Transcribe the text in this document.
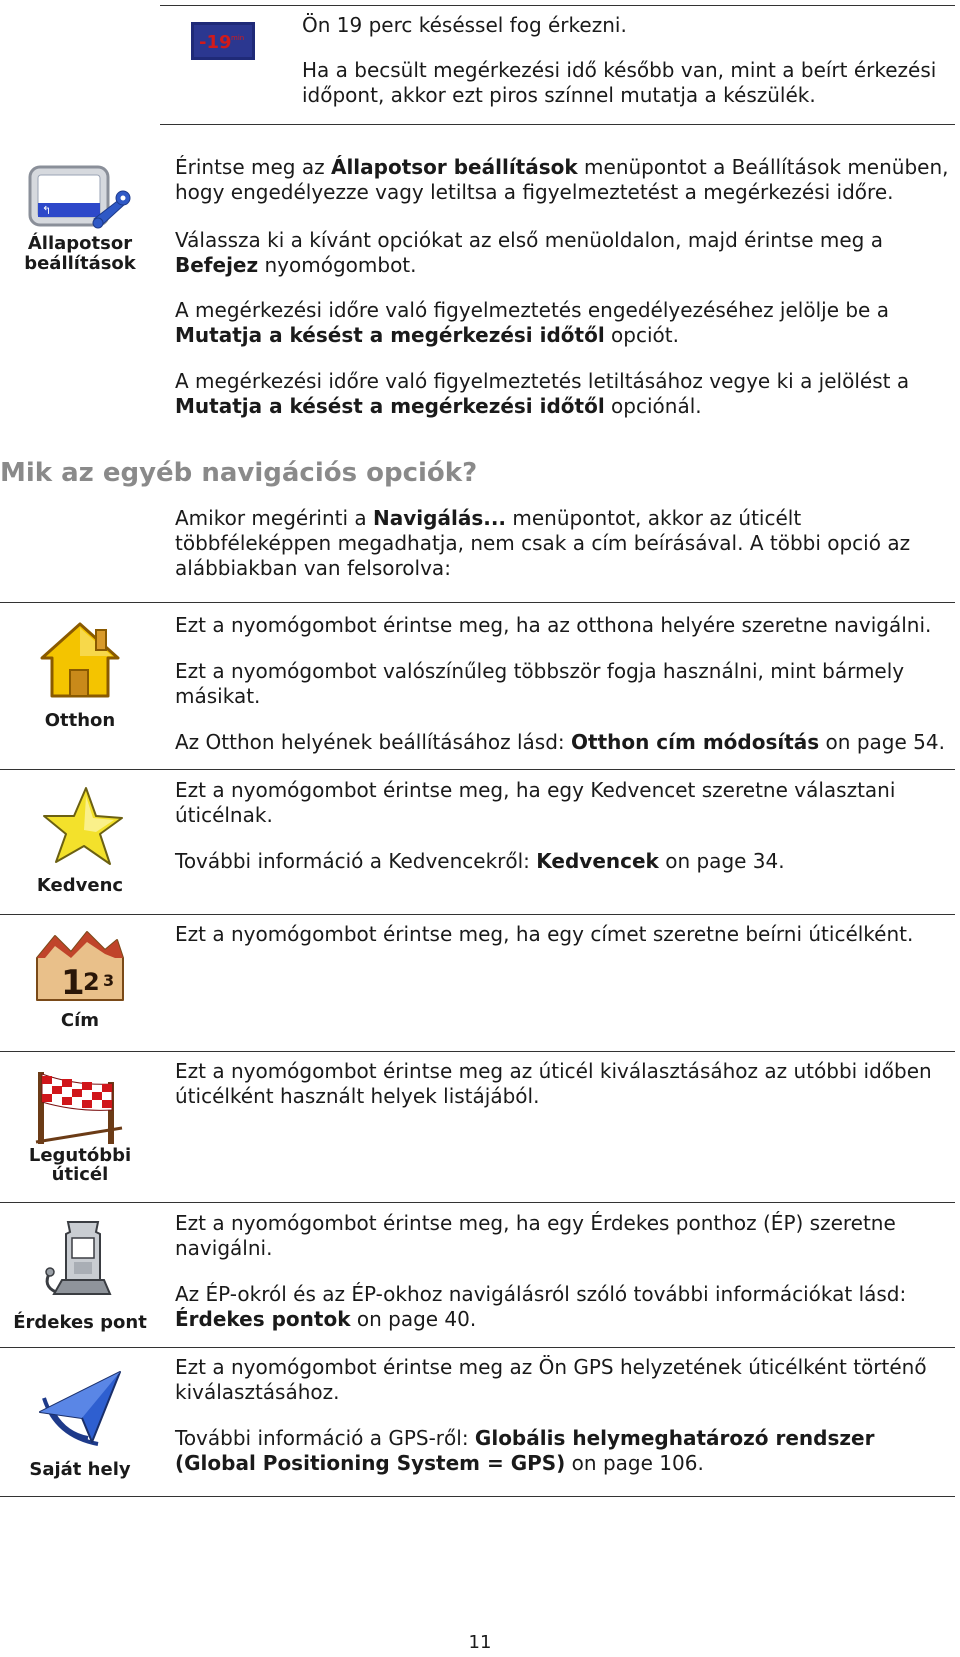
-19 min
Ön 19 perc késéssel fog érkezni.
Ha a becsült megérkezési idő később van, mint a beírt érkezési időpont, akkor ezt piros színnel mutatja a készülék.
↰
Állapotsor beállítások
Érintse meg az Állapotsor beállítások menüpontot a Beállítások menüben, hogy engedélyezze vagy letiltsa a figyelmeztetést a megérkezési időre.
Válassza ki a kívánt opciókat az első menüoldalon, majd érintse meg a Befejez nyomógombot.
A megérkezési időre való figyelmeztetés engedélyezéséhez jelölje be a Mutatja a késést a megérkezési időtől opciót.
A megérkezési időre való figyelmeztetés letiltásához vegye ki a jelölést a Mutatja a késést a megérkezési időtől opciónál.
Mik az egyéb navigációs opciók?
Amikor megérinti a Navigálás... menüpontot, akkor az úticélt többféleképpen megadhatja, nem csak a cím beírásával. A többi opció az alábbiakban van felsorolva:
Otthon
Ezt a nyomógombot érintse meg, ha az otthona helyére szeretne navigálni.
Ezt a nyomógombot valószínűleg többször fogja használni, mint bármely másikat.
Az Otthon helyének beállításához lásd: Otthon cím módosítás on page 54.
Kedvenc
Ezt a nyomógombot érintse meg, ha egy Kedvencet szeretne választani úticélnak.
További információ a Kedvencekről: Kedvencek on page 34.
1
2 3
Cím
Ezt a nyomógombot érintse meg, ha egy címet szeretne beírni úticélként.
Legutóbbi
úticél
Ezt a nyomógombot érintse meg az úticél kiválasztásához az utóbbi időben úticélként használt helyek listájából.
Érdekes pont
Ezt a nyomógombot érintse meg, ha egy Érdekes ponthoz (ÉP) szeretne navigálni.
Az ÉP-okról és az ÉP-okhoz navigálásról szóló további információkat lásd: Érdekes pontok on page 40.
Saját hely
Ezt a nyomógombot érintse meg az Ön GPS helyzetének úticélként történő kiválasztásához.
További információ a GPS-ről: Globális helymeghatározó rendszer (Global Positioning System = GPS) on page 106.
11
